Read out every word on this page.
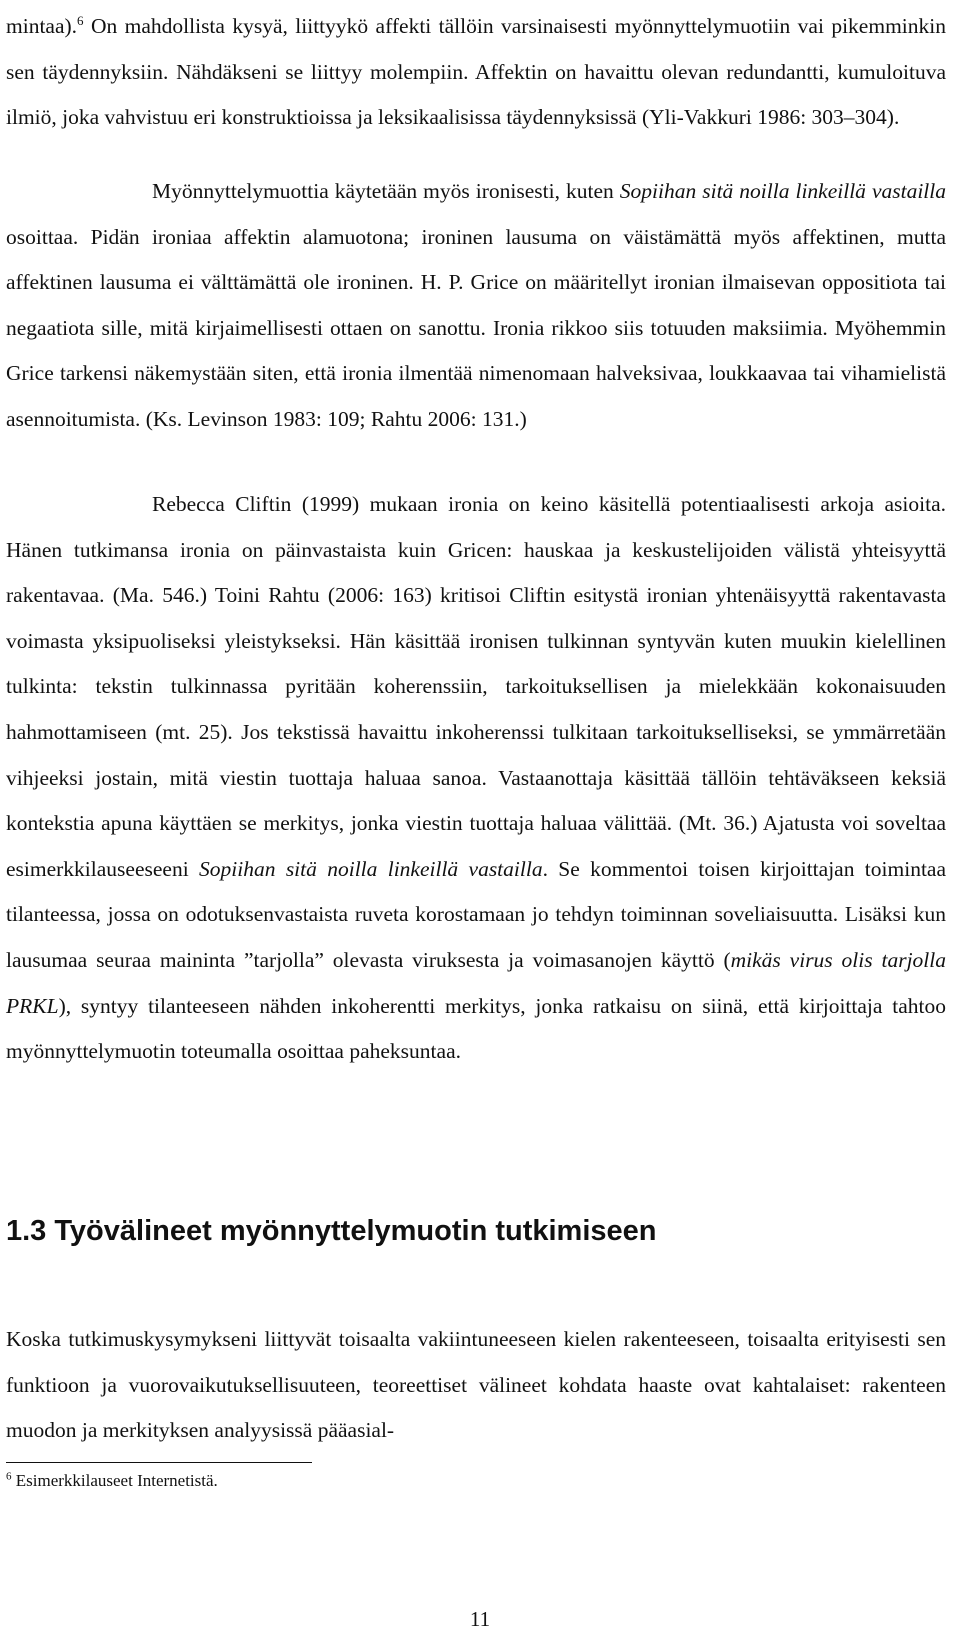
mintaa).$^6$ On mahdollista kysyä, liittyykö affekti tällöin varsinaisesti myönnyttelymuotiin vai pikemminkin sen täydennyksiin. Nähdäkseni se liittyy molempiin. Affektin on havaittu olevan redundantti, kumuloituva ilmiö, joka vahvistuu eri konstruktioissa ja leksikaalisissa täydennyksissä (Yli-Vakkuri 1986: 303–304).

Myönnyttelymuottia käytetään myös ironisesti, kuten Sopiihan sitä noilla linkeillä vastailla osoittaa. Pidän ironiaa affektin alamuotona; ironinen lausuma on väistämättä myös affektinen, mutta affektinen lausuma ei välttämättä ole ironinen. H. P. Grice on määritellyt ironian ilmaisevan oppositiota tai negaatiota sille, mitä kirjaimellisesti ottaen on sanottu. Ironia rikkoo siis totuuden maksiimia. Myöhemmin Grice tarkensi näkemystään siten, että ironia ilmentää nimenomaan halveksivaa, loukkaavaa tai vihamielistä asennoitumista. (Ks. Levinson 1983: 109; Rahtu 2006: 131.)

Rebecca Cliftin (1999) mukaan ironia on keino käsitellä potentiaalisesti arkoja asioita. Hänen tutkimansa ironia on päinvastaista kuin Gricen: hauskaa ja keskustelijoiden välistä yhteisyyttä rakentavaa. (Ma. 546.) Toini Rahtu (2006: 163) kritisoi Cliftin esitystä ironian yhtenäisyyttä rakentavasta voimasta yksipuoliseksi yleistykseksi. Hän käsittää ironisen tulkinnan syntyvän kuten muukin kielellinen tulkinta: tekstin tulkinnassa pyritään koherenssiin, tarkoituksellisen ja mielekkään kokonaisuuden hahmottamiseen (mt. 25). Jos tekstissä havaittu inkoherenssi tulkitaan tarkoitukselliseksi, se ymmärretään vihjeeksi jostain, mitä viestin tuottaja haluaa sanoa. Vastaanottaja käsittää tällöin tehtäväkseen keksiä kontekstia apuna käyttäen se merkitys, jonka viestin tuottaja haluaa välittää. (Mt. 36.) Ajatusta voi soveltaa esimerkkilauseeseeni Sopiihan sitä noilla linkeillä vastailla. Se kommentoi toisen kirjoittajan toimintaa tilanteessa, jossa on odotuksenvastaista ruveta korostamaan jo tehdyn toiminnan soveliaisuutta. Lisäksi kun lausumaa seuraa maininta ”tarjolla” olevasta viruksesta ja voimasanojen käyttö (mikäs virus olis tarjolla PRKL), syntyy tilanteeseen nähden inkoherentti merkitys, jonka ratkaisu on siinä, että kirjoittaja tahtoo myönnyttelymuotin toteumalla osoittaa paheksuntaa.

1.3 Työvälineet myönnyttelymuotin tutkimiseen

Koska tutkimuskysymykseni liittyvät toisaalta vakiintuneeseen kielen rakenteeseen, toisaalta erityisesti sen funktioon ja vuorovaikutuksellisuuteen, teoreettiset välineet kohdata haaste ovat kahtalaiset: rakenteen muodon ja merkityksen analyysissä pääasial-

$^6$ Esimerkkilauseet Internetistä.

11
